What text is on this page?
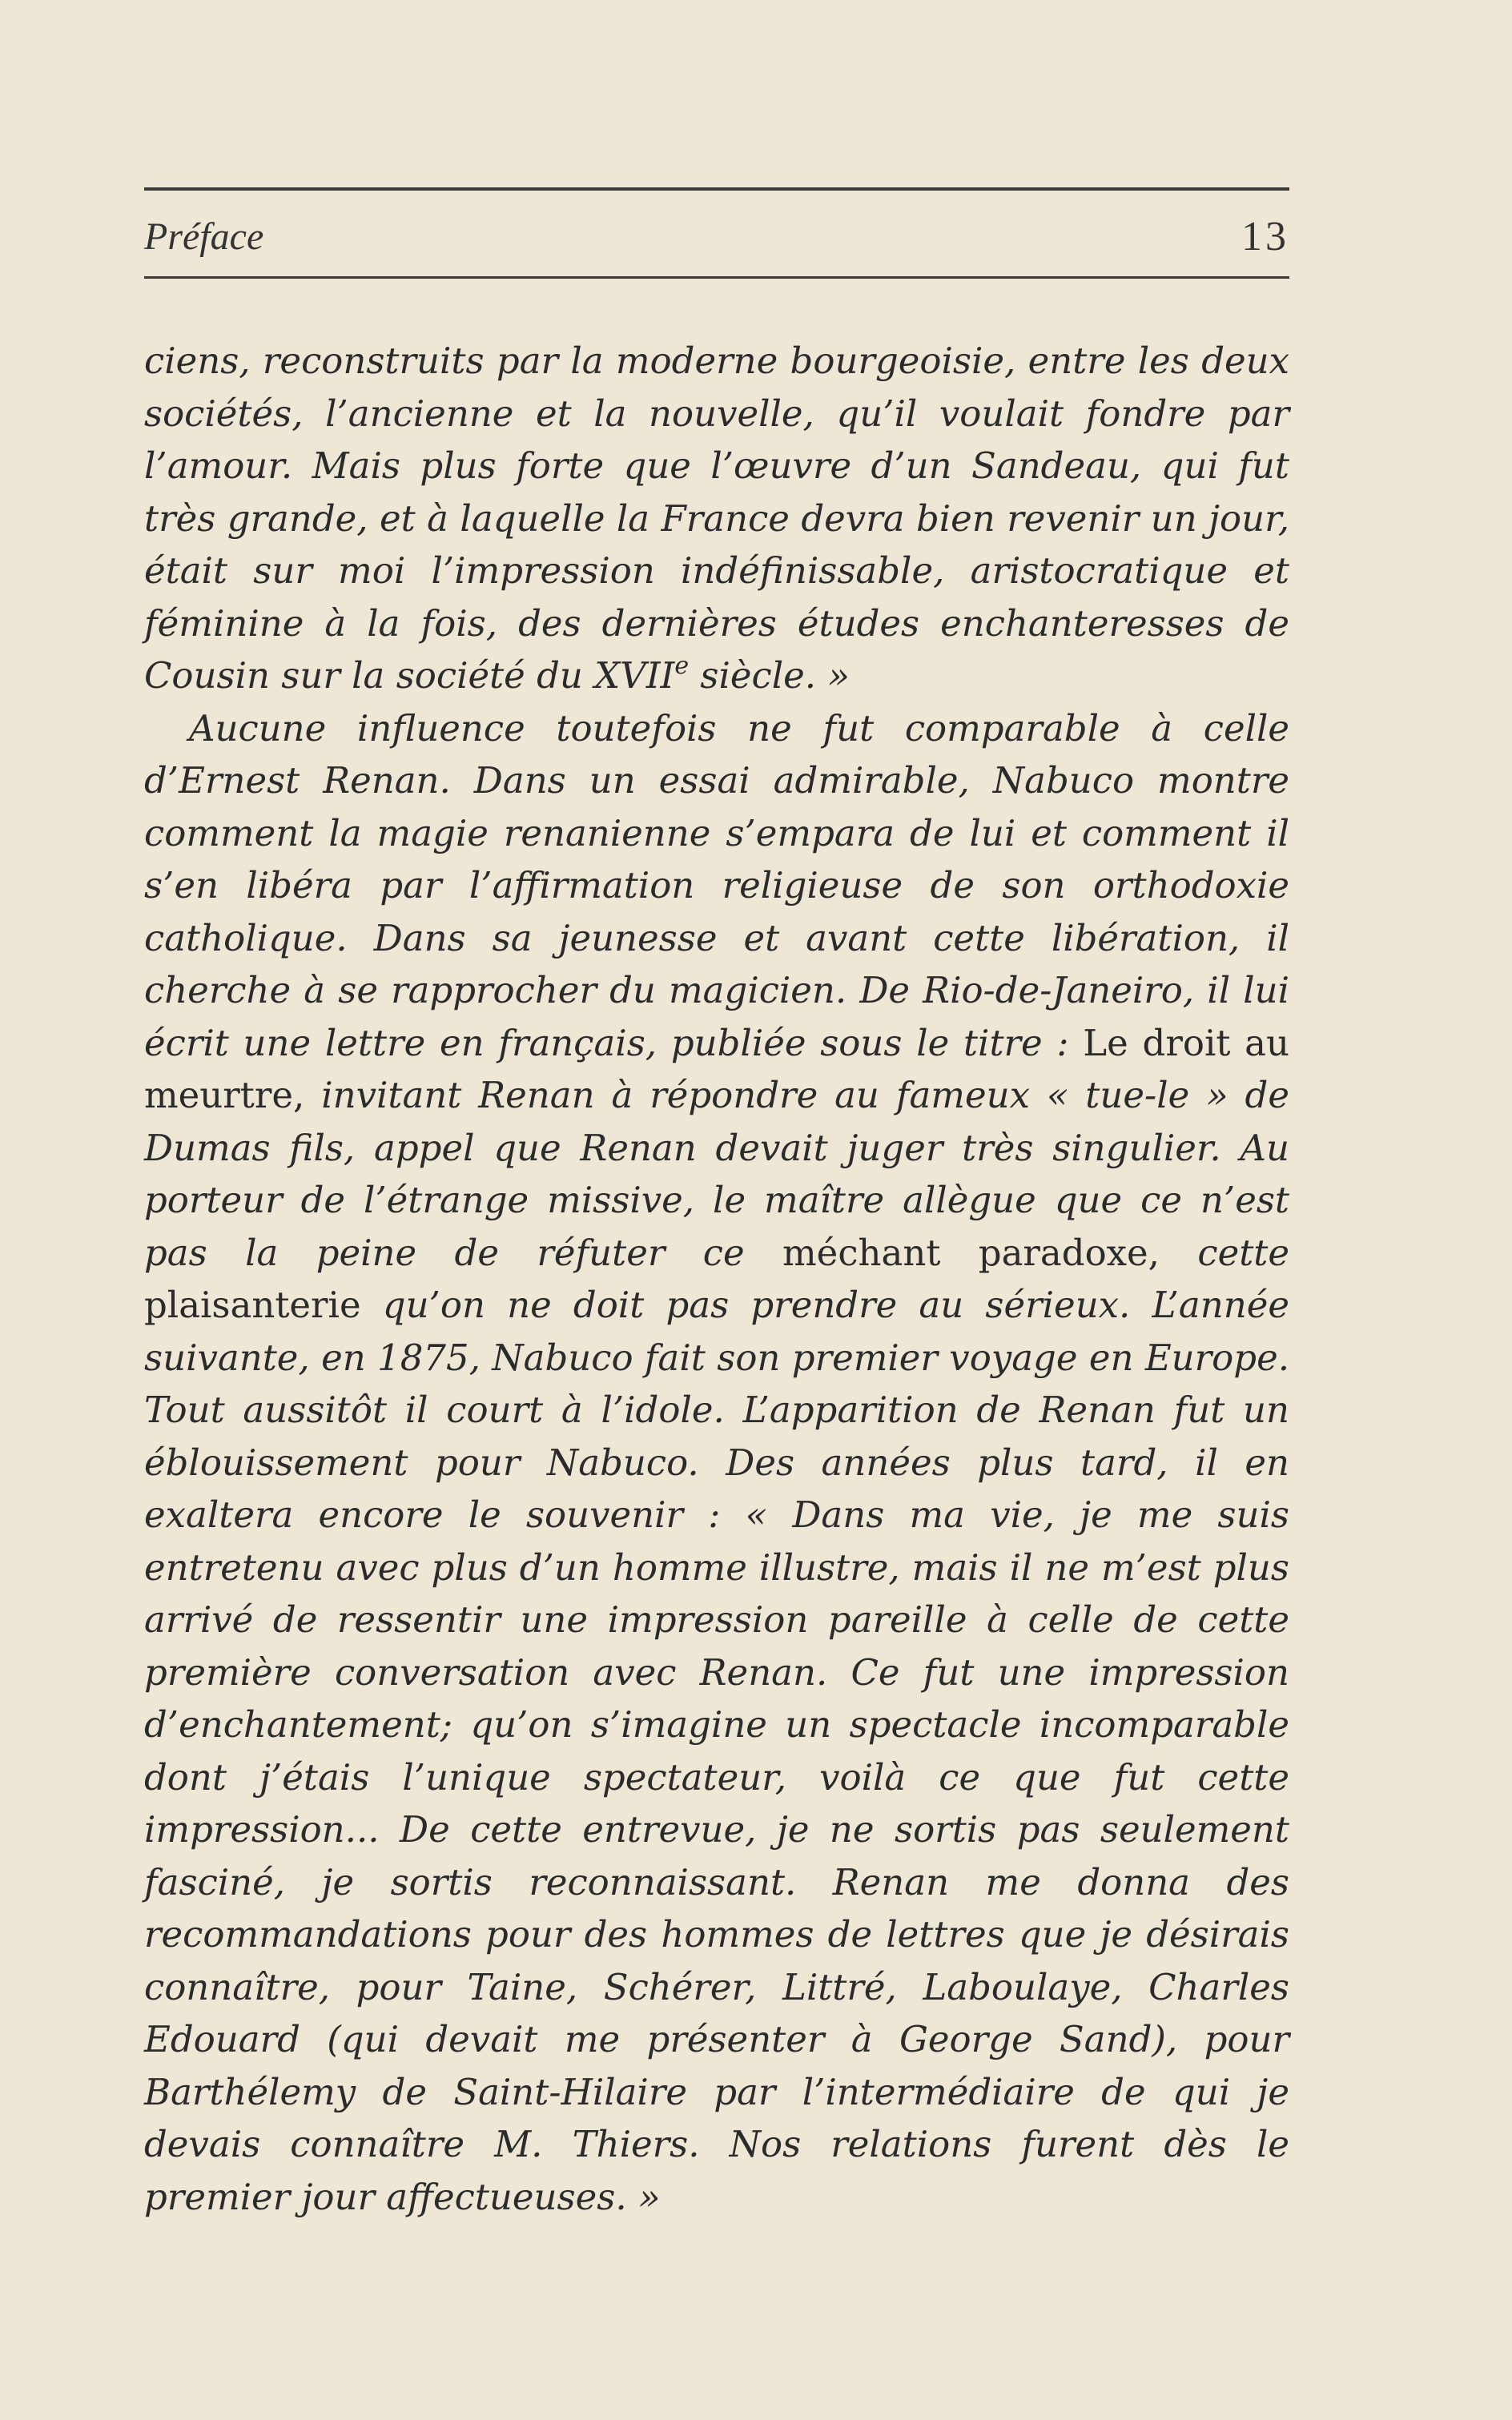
Préface	13

ciens, reconstruits par la moderne bourgeoisie, entre les deux sociétés, l’ancienne et la nouvelle, qu’il voulait fondre par l’amour. Mais plus forte que l’œuvre d’un Sandeau, qui fut très grande, et à laquelle la France devra bien revenir un jour, était sur moi l’impression indéfinissable, aristocratique et féminine à la fois, des dernières études enchanteresses de Cousin sur la société du XVIIe siècle. »

Aucune influence toutefois ne fut comparable à celle d’Ernest Renan. Dans un essai admirable, Nabuco montre comment la magie renanienne s’empara de lui et comment il s’en libéra par l’affirmation religieuse de son orthodoxie catholique. Dans sa jeunesse et avant cette libération, il cherche à se rapprocher du magicien. De Rio-de-Janeiro, il lui écrit une lettre en français, publiée sous le titre : Le droit au meurtre, invitant Renan à répondre au fameux « tue-le » de Dumas fils, appel que Renan devait juger très singulier. Au porteur de l’étrange missive, le maître allègue que ce n’est pas la peine de réfuter ce méchant paradoxe, cette plaisanterie qu’on ne doit pas prendre au sérieux. L’année suivante, en 1875, Nabuco fait son premier voyage en Europe. Tout aussitôt il court à l’idole. L’apparition de Renan fut un éblouissement pour Nabuco. Des années plus tard, il en exaltera encore le souvenir : « Dans ma vie, je me suis entretenu avec plus d’un homme illustre, mais il ne m’est plus arrivé de ressentir une impression pareille à celle de cette première conversation avec Renan. Ce fut une impression d’enchantement; qu’on s’imagine un spectacle incomparable dont j’étais l’unique spectateur, voilà ce que fut cette impression... De cette entrevue, je ne sortis pas seulement fasciné, je sortis reconnaissant. Renan me donna des recommandations pour des hommes de lettres que je désirais connaître, pour Taine, Schérer, Littré, Laboulaye, Charles Edouard (qui devait me présenter à George Sand), pour Barthélemy de Saint-Hilaire par l’intermédiaire de qui je devais connaître M. Thiers. Nos relations furent dès le premier jour affectueuses. »
